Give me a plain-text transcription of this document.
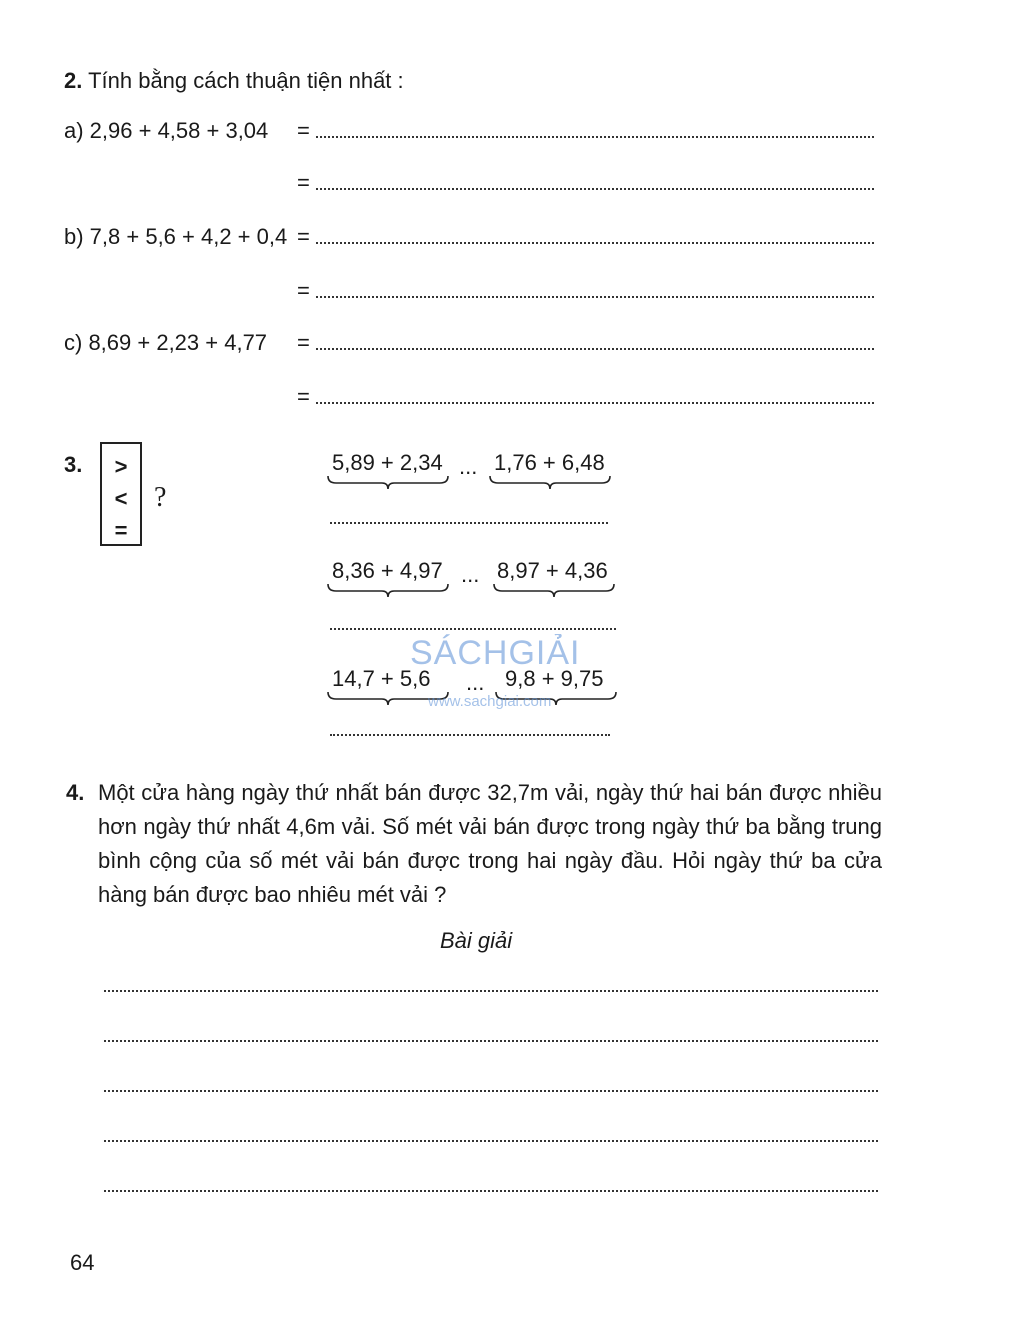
2. Tính bằng cách thuận tiện nhất :
a) 2,96 + 4,58 + 3,04 =
=
b) 7,8 + 5,6 + 4,2 + 0,4 =
=
c) 8,69 + 2,23 + 4,77 =
=
3.	>
<
=
?
5,89 + 2,34 ... 1,76 + 6,48
8,36 + 4,97 ... 8,97 + 4,36
14,7 + 5,6 ... 9,8 + 9,75
SÁCHGIẢI
www.sachgiai.com
4. Một cửa hàng ngày thứ nhất bán được 32,7m vải, ngày thứ hai bán được nhiều hơn ngày thứ nhất 4,6m vải. Số mét vải bán được trong ngày thứ ba bằng trung bình cộng của số mét vải bán được trong hai ngày đầu. Hỏi ngày thứ ba cửa hàng bán được bao nhiêu mét vải ?
Bài giải
64
